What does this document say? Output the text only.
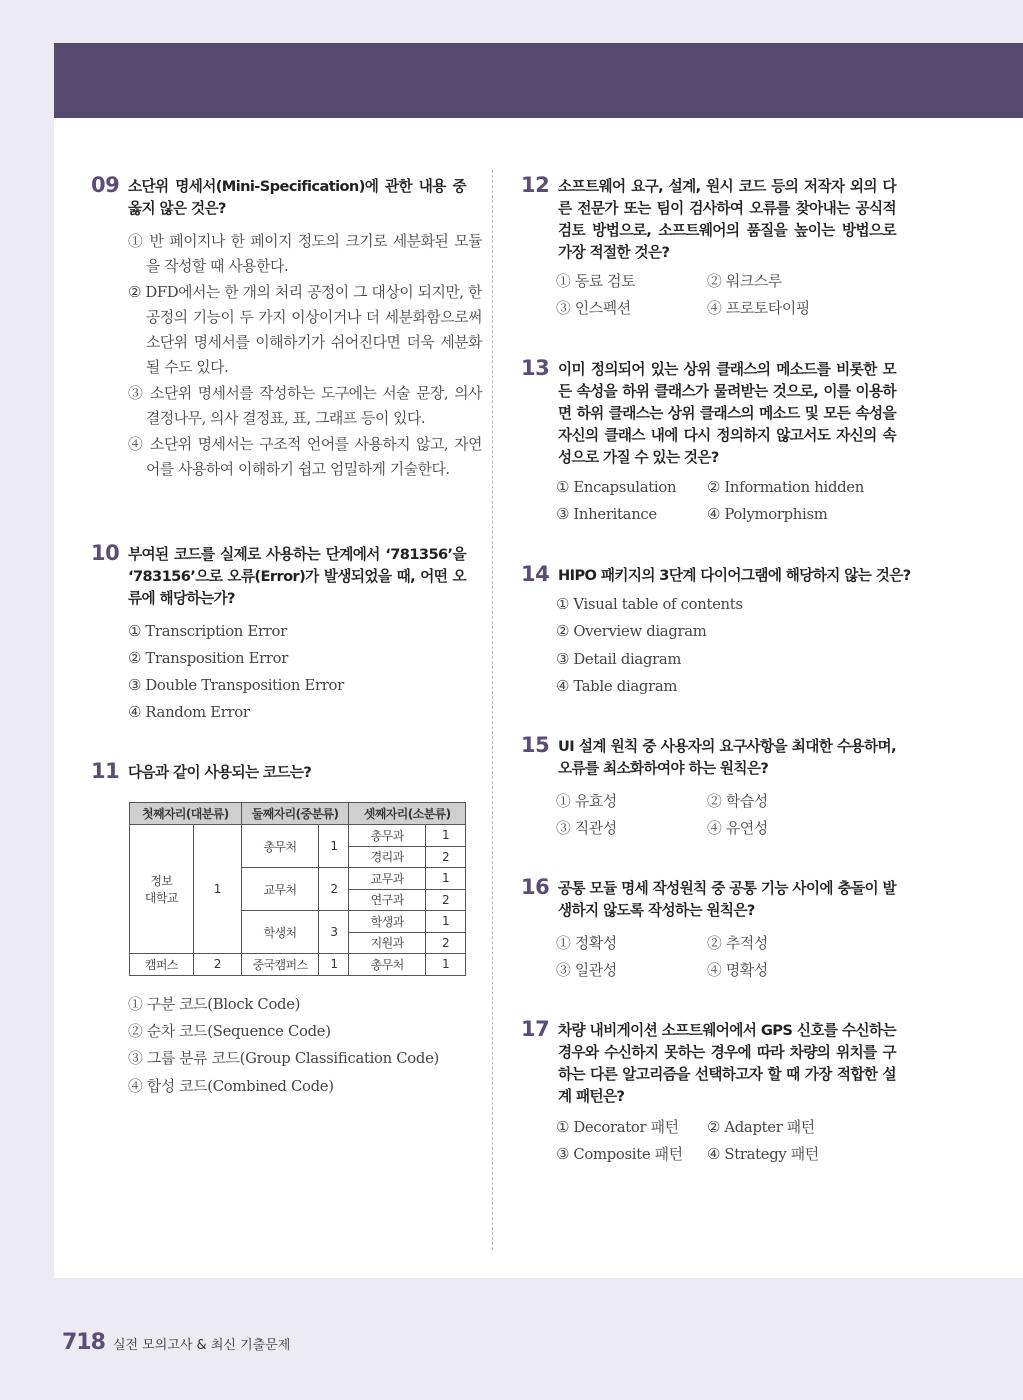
09 소단위 명세서(Mini-Specification)에 관한 내용 중 옳지 않은 것은?
① 반 페이지나 한 페이지 정도의 크기로 세분화된 모듈을 작성할 때 사용한다.
② DFD에서는 한 개의 처리 공정이 그 대상이 되지만, 한 공정의 기능이 두 가지 이상이거나 더 세분화함으로써 소단위 명세서를 이해하기가 쉬어진다면 더욱 세분화될 수도 있다.
③ 소단위 명세서를 작성하는 도구에는 서술 문장, 의사결정나무, 의사 결정표, 표, 그래프 등이 있다.
④ 소단위 명세서는 구조적 언어를 사용하지 않고, 자연어를 사용하여 이해하기 쉽고 엄밀하게 기술한다.
10 부여된 코드를 실제로 사용하는 단계에서 ‘781356’을 ‘783156’으로 오류(Error)가 발생되었을 때, 어떤 오류에 해당하는가?
① Transcription Error
② Transposition Error
③ Double Transposition Error
④ Random Error
11 다음과 같이 사용되는 코드는?
첫째자리(대분류)		둘째자리(중분류)		셋째자리(소분류)	
정보
대학교	1	총무처	1	총무과	1
				경리과	2
		교무처	2	교무과	1
				연구과	2
		학생처	3	학생과	1
				지원과	2
캠퍼스	2	중국캠퍼스	1	총무처	1
① 구분 코드(Block Code)
② 순차 코드(Sequence Code)
③ 그룹 분류 코드(Group Classification Code)
④ 합성 코드(Combined Code)
12 소프트웨어 요구, 설계, 원시 코드 등의 저작자 외의 다른 전문가 또는 팀이 검사하여 오류를 찾아내는 공식적 검토 방법으로, 소프트웨어의 품질을 높이는 방법으로 가장 적절한 것은?
① 동료 검토	② 워크스루
③ 인스펙션	④ 프로토타이핑
13 이미 정의되어 있는 상위 클래스의 메소드를 비롯한 모든 속성을 하위 클래스가 물려받는 것으로, 이를 이용하면 하위 클래스는 상위 클래스의 메소드 및 모든 속성을 자신의 클래스 내에 다시 정의하지 않고서도 자신의 속성으로 가질 수 있는 것은?
① Encapsulation ② Information hidden
③ Inheritance	④ Polymorphism
14 HIPO 패키지의 3단계 다이어그램에 해당하지 않는 것은?
① Visual table of contents
② Overview diagram
③ Detail diagram
④ Table diagram
15 UI 설계 원칙 중 사용자의 요구사항을 최대한 수용하며, 오류를 최소화하여야 하는 원칙은?
① 유효성	② 학습성
③ 직관성	④ 유연성
16 공통 모듈 명세 작성원칙 중 공통 기능 사이에 충돌이 발생하지 않도록 작성하는 원칙은?
① 정확성	② 추적성
③ 일관성	④ 명확성
17 차량 내비게이션 소프트웨어에서 GPS 신호를 수신하는 경우와 수신하지 못하는 경우에 따라 차량의 위치를 구하는 다른 알고리즘을 선택하고자 할 때 가장 적합한 설계 패턴은?
① Decorator 패턴 ② Adapter 패턴
③ Composite 패턴 ④ Strategy 패턴
718 실전 모의고사 & 최신 기출문제
